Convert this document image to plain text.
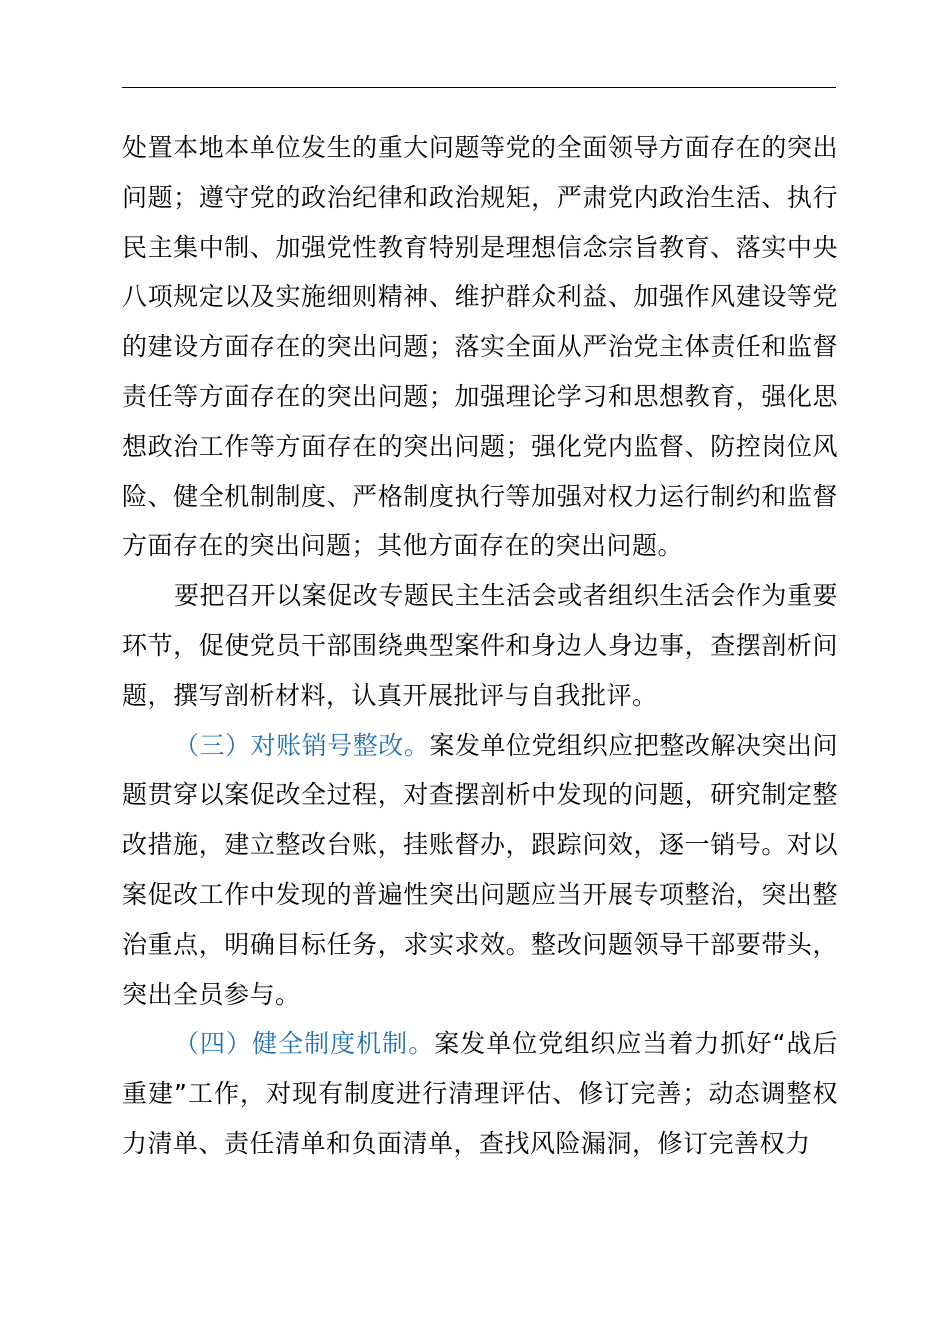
处置本地本单位发生的重大问题等党的全面领导方面存在的突出问题；遵守党的政治纪律和政治规矩，严肃党内政治生活、执行民主集中制、加强党性教育特别是理想信念宗旨教育、落实中央八项规定以及实施细则精神、维护群众利益、加强作风建设等党的建设方面存在的突出问题；落实全面从严治党主体责任和监督责任等方面存在的突出问题；加强理论学习和思想教育，强化思想政治工作等方面存在的突出问题；强化党内监督、防控岗位风险、健全机制制度、严格制度执行等加强对权力运行制约和监督方面存在的突出问题；其他方面存在的突出问题。

要把召开以案促改专题民主生活会或者组织生活会作为重要环节，促使党员干部围绕典型案件和身边人身边事，查摆剖析问题，撰写剖析材料，认真开展批评与自我批评。

（三）对账销号整改。案发单位党组织应把整改解决突出问题贯穿以案促改全过程，对查摆剖析中发现的问题，研究制定整改措施，建立整改台账，挂账督办，跟踪问效，逐一销号。对以案促改工作中发现的普遍性突出问题应当开展专项整治，突出整治重点，明确目标任务，求实求效。整改问题领导干部要带头，突出全员参与。

（四）健全制度机制。案发单位党组织应当着力抓好“战后重建”工作，对现有制度进行清理评估、修订完善；动态调整权力清单、责任清单和负面清单，查找风险漏洞，修订完善权力
